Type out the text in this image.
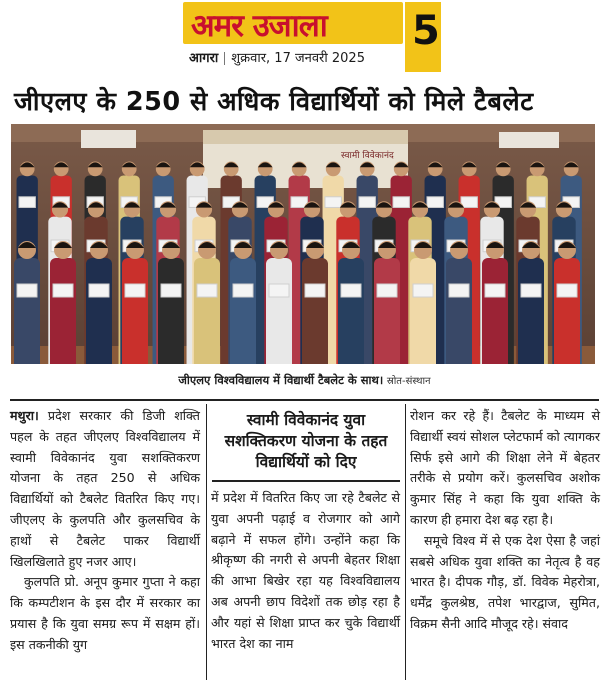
अमर उजाला
आगरा शुक्रवार, 17 जनवरी 2025
5
जीएलए के 250 से अधिक विद्यार्थियों को मिले टैबलेट
स्वामी विवेकानंद
जीएलए विश्वविद्यालय में विद्यार्थी टैबलेट के साथ। स्रोत-संस्थान
स्वामी विवेकानंद युवा सशक्तिकरण योजना के तहत विद्यार्थियों को दिए

मथुरा। प्रदेश सरकार की डिजी शक्ति पहल के तहत जीएलए विश्वविद्यालय में स्वामी विवेकानंद युवा सशक्तिकरण योजना के तहत 250 से अधिक विद्यार्थियों को टैबलेट वितरित किए गए। जीएलए के कुलपति और कुलसचिव के हाथों से टैबलेट पाकर विद्यार्थी खिलखिलाते हुए नजर आए।

कुलपति प्रो. अनूप कुमार गुप्ता ने कहा कि कम्पटीशन के इस दौर में सरकार का प्रयास है कि युवा समग्र रूप में सक्षम हों। इस तकनीकी युग

में प्रदेश में वितरित किए जा रहे टैबलेट से युवा अपनी पढ़ाई व रोजगार को आगे बढ़ाने में सफल होंगे। उन्होंने कहा कि श्रीकृष्ण की नगरी से अपनी बेहतर शिक्षा की आभा बिखेर रहा यह विश्वविद्यालय अब अपनी छाप विदेशों तक छोड़ रहा है और यहां से शिक्षा प्राप्त कर चुके विद्यार्थी भारत देश का नाम

रोशन कर रहे हैं। टैबलेट के माध्यम से विद्यार्थी स्वयं सोशल प्लेटफार्म को त्यागकर सिर्फ इसे आगे की शिक्षा लेने में बेहतर तरीके से प्रयोग करें। कुलसचिव अशोक कुमार सिंह ने कहा कि युवा शक्ति के कारण ही हमारा देश बढ़ रहा है।

समूचे विश्व में से एक देश ऐसा है जहां सबसे अधिक युवा शक्ति का नेतृत्व है वह भारत है। दीपक गौड़, डॉ. विवेक मेहरोत्रा, धर्मेंद्र कुलश्रेष्ठ, तपेश भारद्वाज, सुमित, विक्रम सैनी आदि मौजूद रहे। संवाद
